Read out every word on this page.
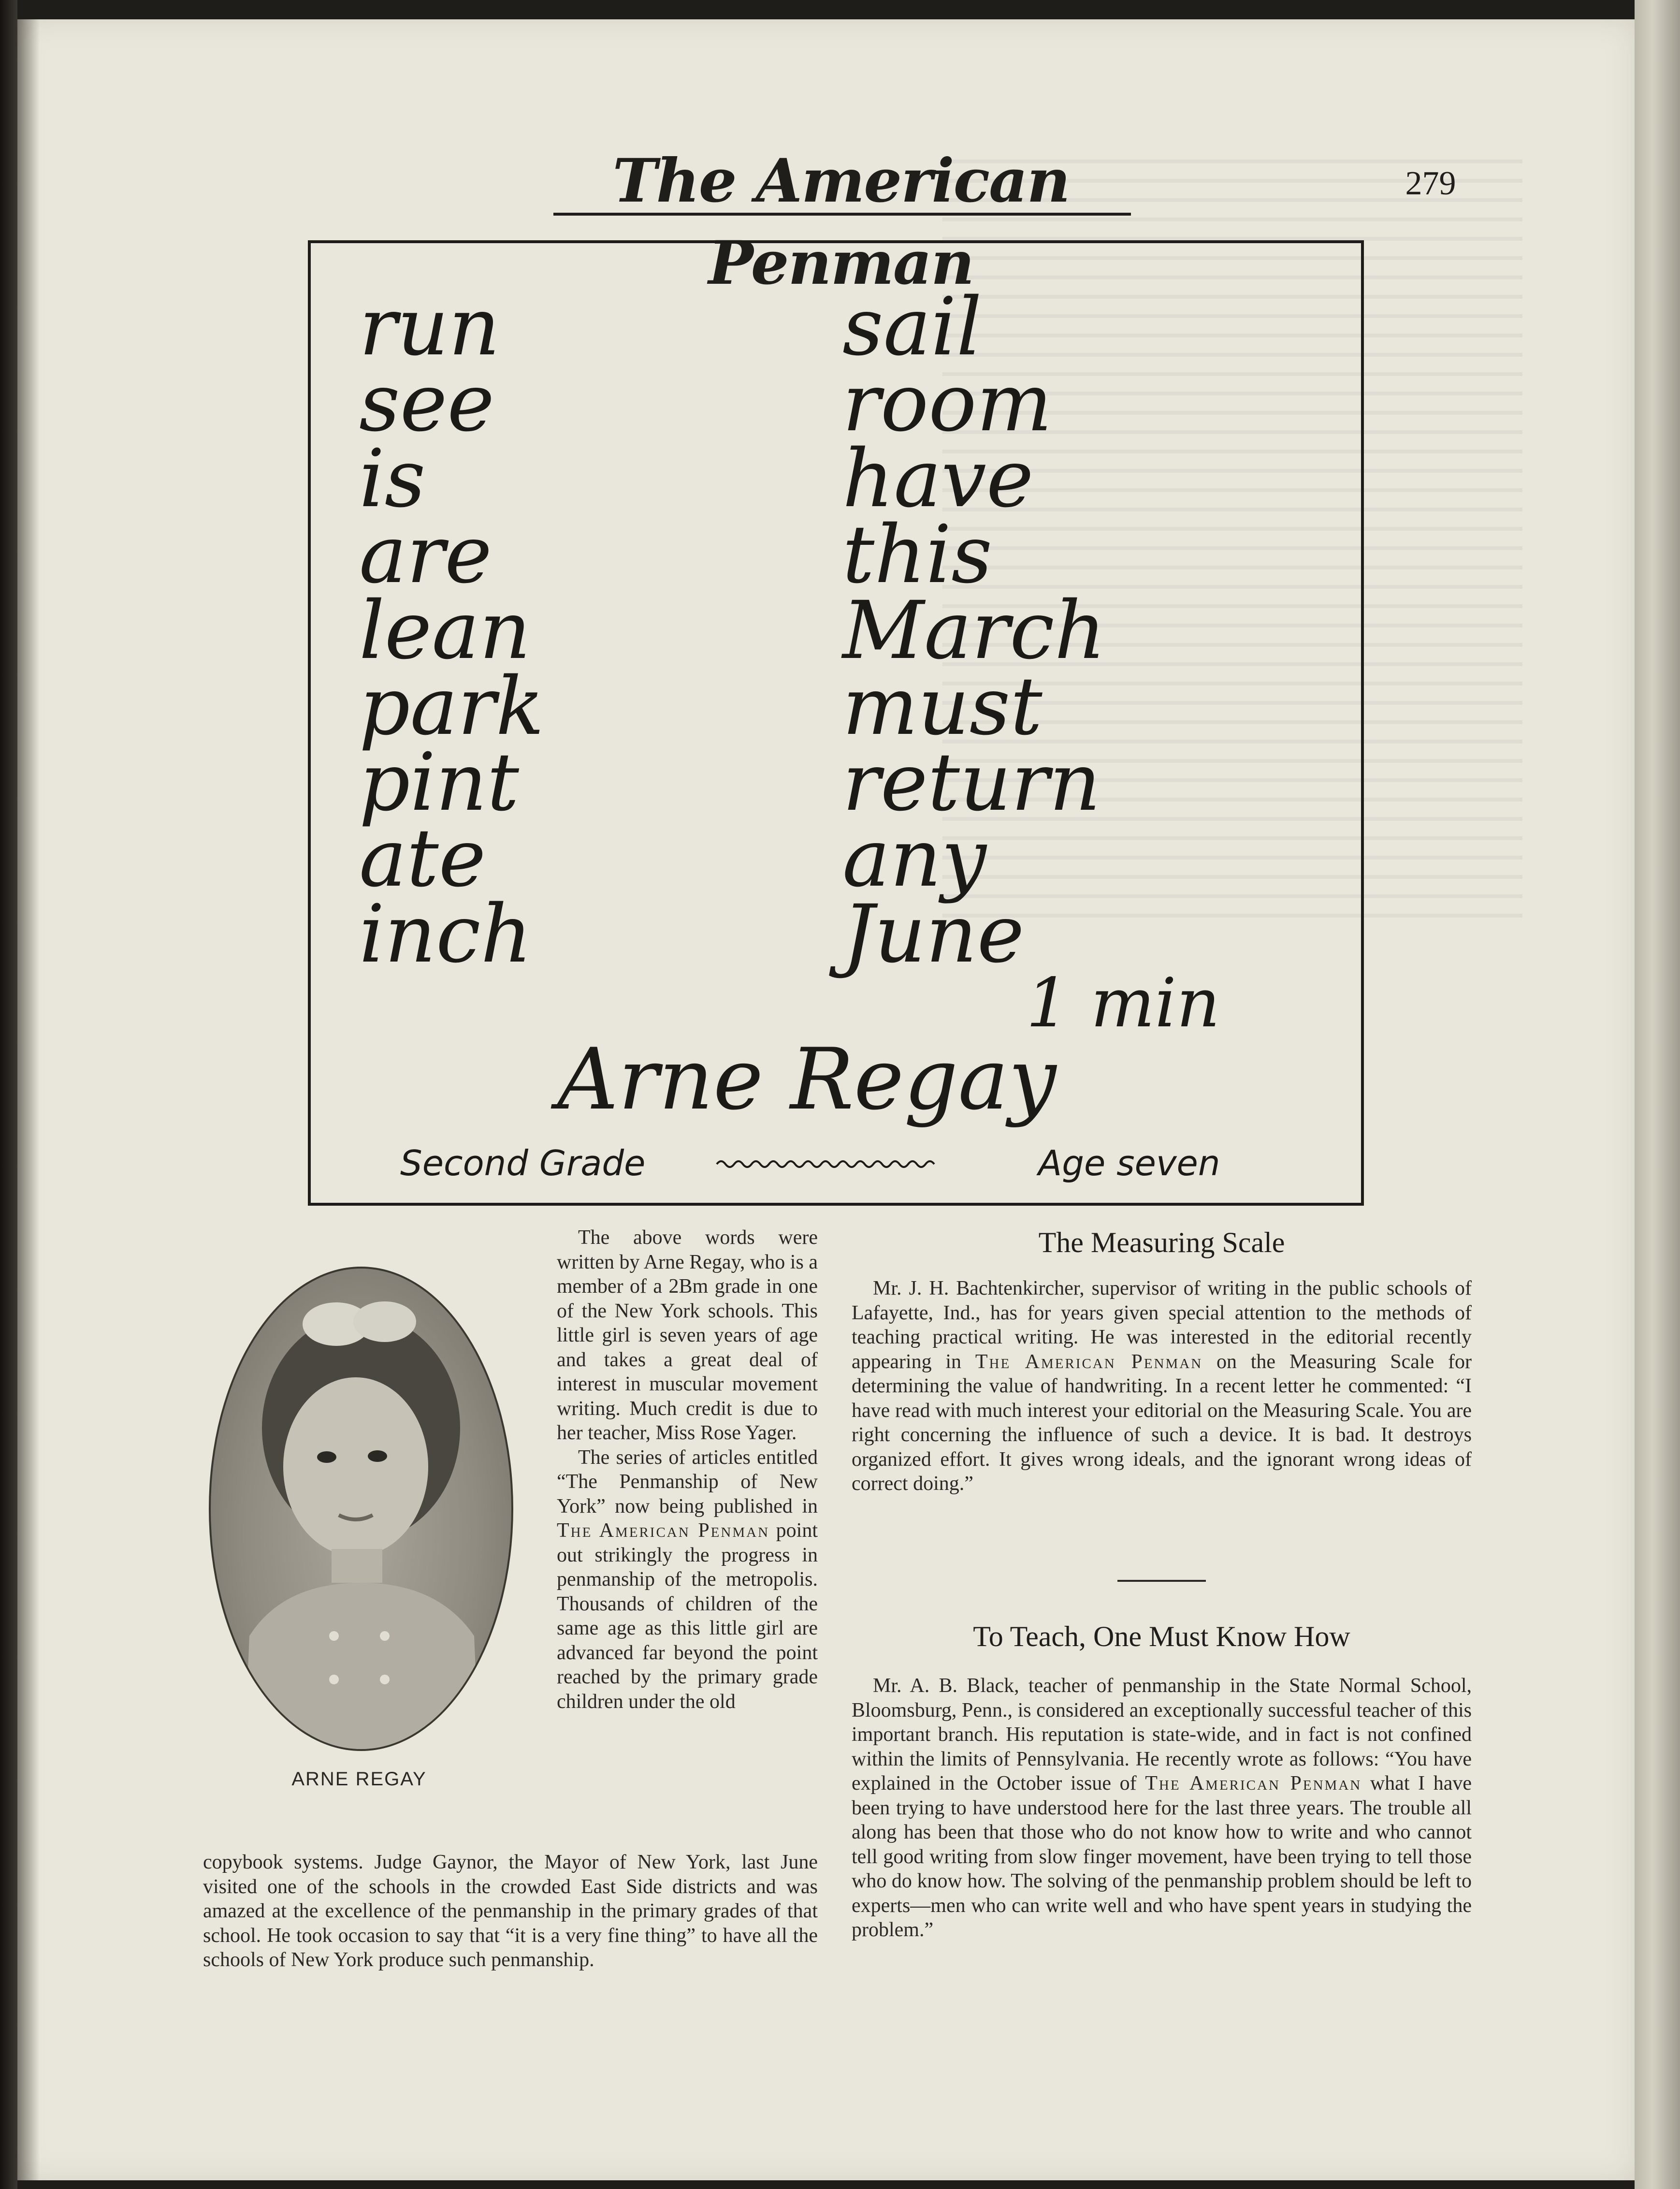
The American Penman
279
run
see
is
are
lean
park
pint
ate
inch
sail
room
have
this
March
must
return
any
June
1 min
Arne Regay
Second Grade	Age seven
ARNE REGAY

The above words were written by Arne Regay, who is a member of a 2Bm grade in one of the New York schools. This little girl is seven years of age and takes a great deal of interest in muscular movement writing. Much credit is due to her teacher, Miss Rose Yager.

The series of articles entitled “The Penmanship of New York” now being published in The American Penman point out strikingly the progress in penmanship of the metropolis. Thousands of children of the same age as this little girl are advanced far beyond the point reached by the primary grade children under the old

copybook systems. Judge Gaynor, the Mayor of New York, last June visited one of the schools in the crowded East Side districts and was amazed at the excellence of the penmanship in the primary grades of that school. He took occasion to say that “it is a very fine thing” to have all the schools of New York produce such penmanship.

The Measuring Scale

Mr. J. H. Bachtenkircher, supervisor of writing in the public schools of Lafayette, Ind., has for years given special attention to the methods of teaching practical writing. He was interested in the editorial recently appearing in The American Penman on the Measuring Scale for determining the value of handwriting. In a recent letter he commented: “I have read with much interest your editorial on the Measuring Scale. You are right concerning the influence of such a device. It is bad. It destroys organized effort. It gives wrong ideals, and the ignorant wrong ideas of correct doing.”

To Teach, One Must Know How

Mr. A. B. Black, teacher of penmanship in the State Normal School, Bloomsburg, Penn., is considered an exceptionally successful teacher of this important branch. His reputation is state-wide, and in fact is not confined within the limits of Pennsylvania. He recently wrote as follows: “You have explained in the October issue of The American Penman what I have been trying to have understood here for the last three years. The trouble all along has been that those who do not know how to write and who cannot tell good writing from slow finger movement, have been trying to tell those who do know how. The solving of the penmanship problem should be left to experts—men who can write well and who have spent years in studying the problem.”
